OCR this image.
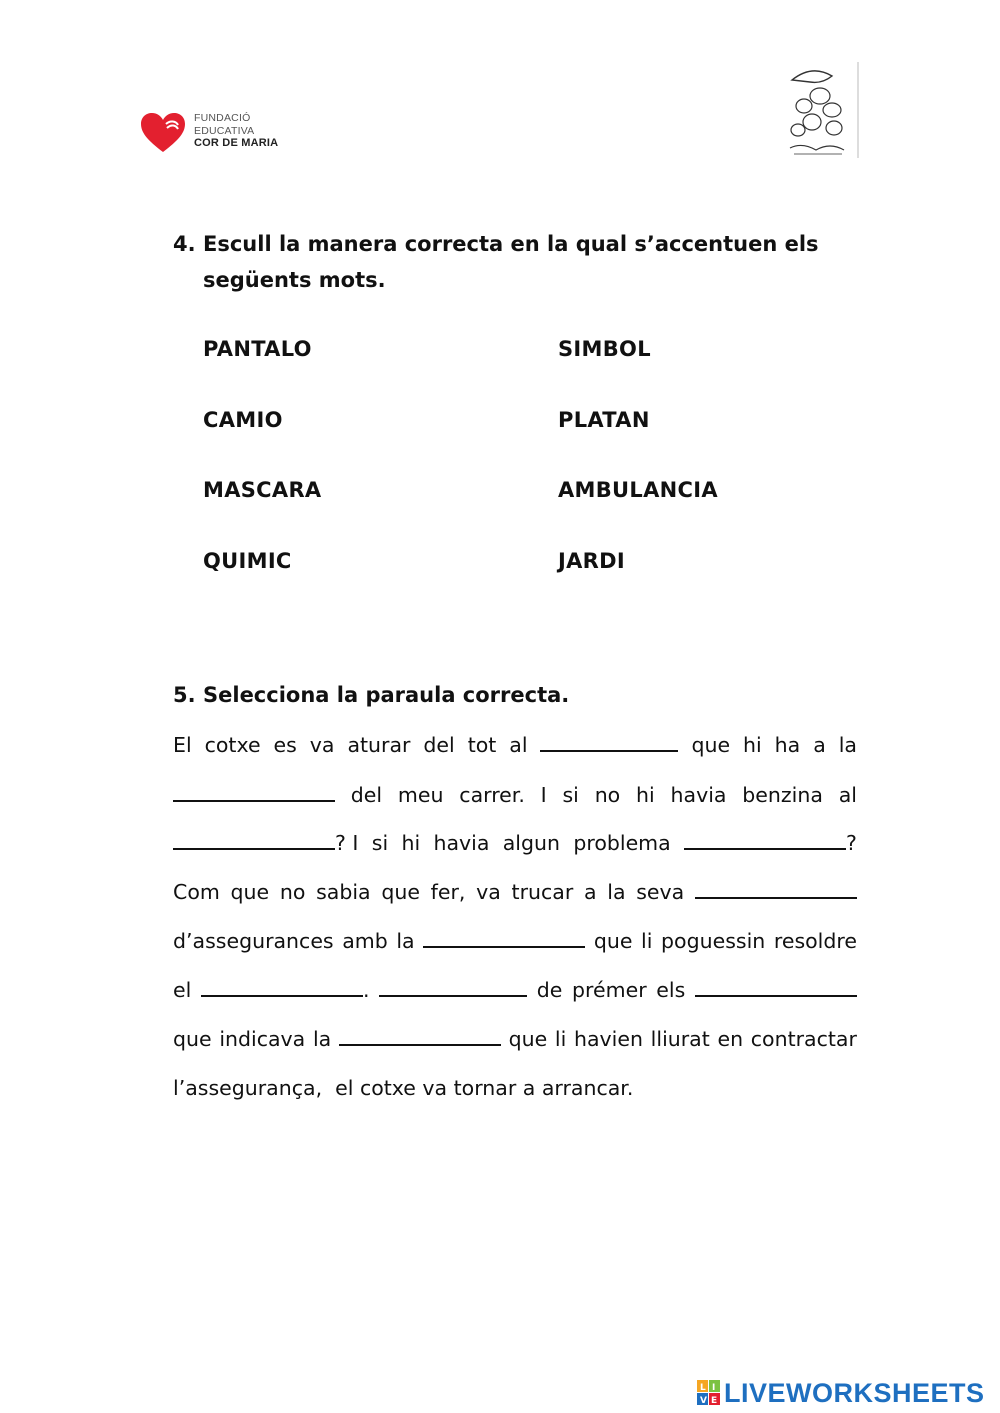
FUNDACIÓ
EDUCATIVA
COR DE MARIA
4. Escull la manera correcta en la qual s’accentuen els següents mots.
PANTALO	SIMBOL
CAMIO	PLATAN
MASCARA	AMBULANCIA
QUIMIC	JARDI
5. Selecciona la paraula correcta.
El cotxe es va aturar del tot al	que hi ha a la
del meu carrer. I si no hi havia benzina al
? I si hi havia algun problema	?
Com que no sabia que fer, va trucar a la seva
d’assegurances amb la	que li poguessin resoldre
el	.	de prémer els
que indicava la	que li havien lliurat en contractar
l’assegurança,  el cotxe va tornar a arrancar.
L I
V E LIVEWORKSHEETS
